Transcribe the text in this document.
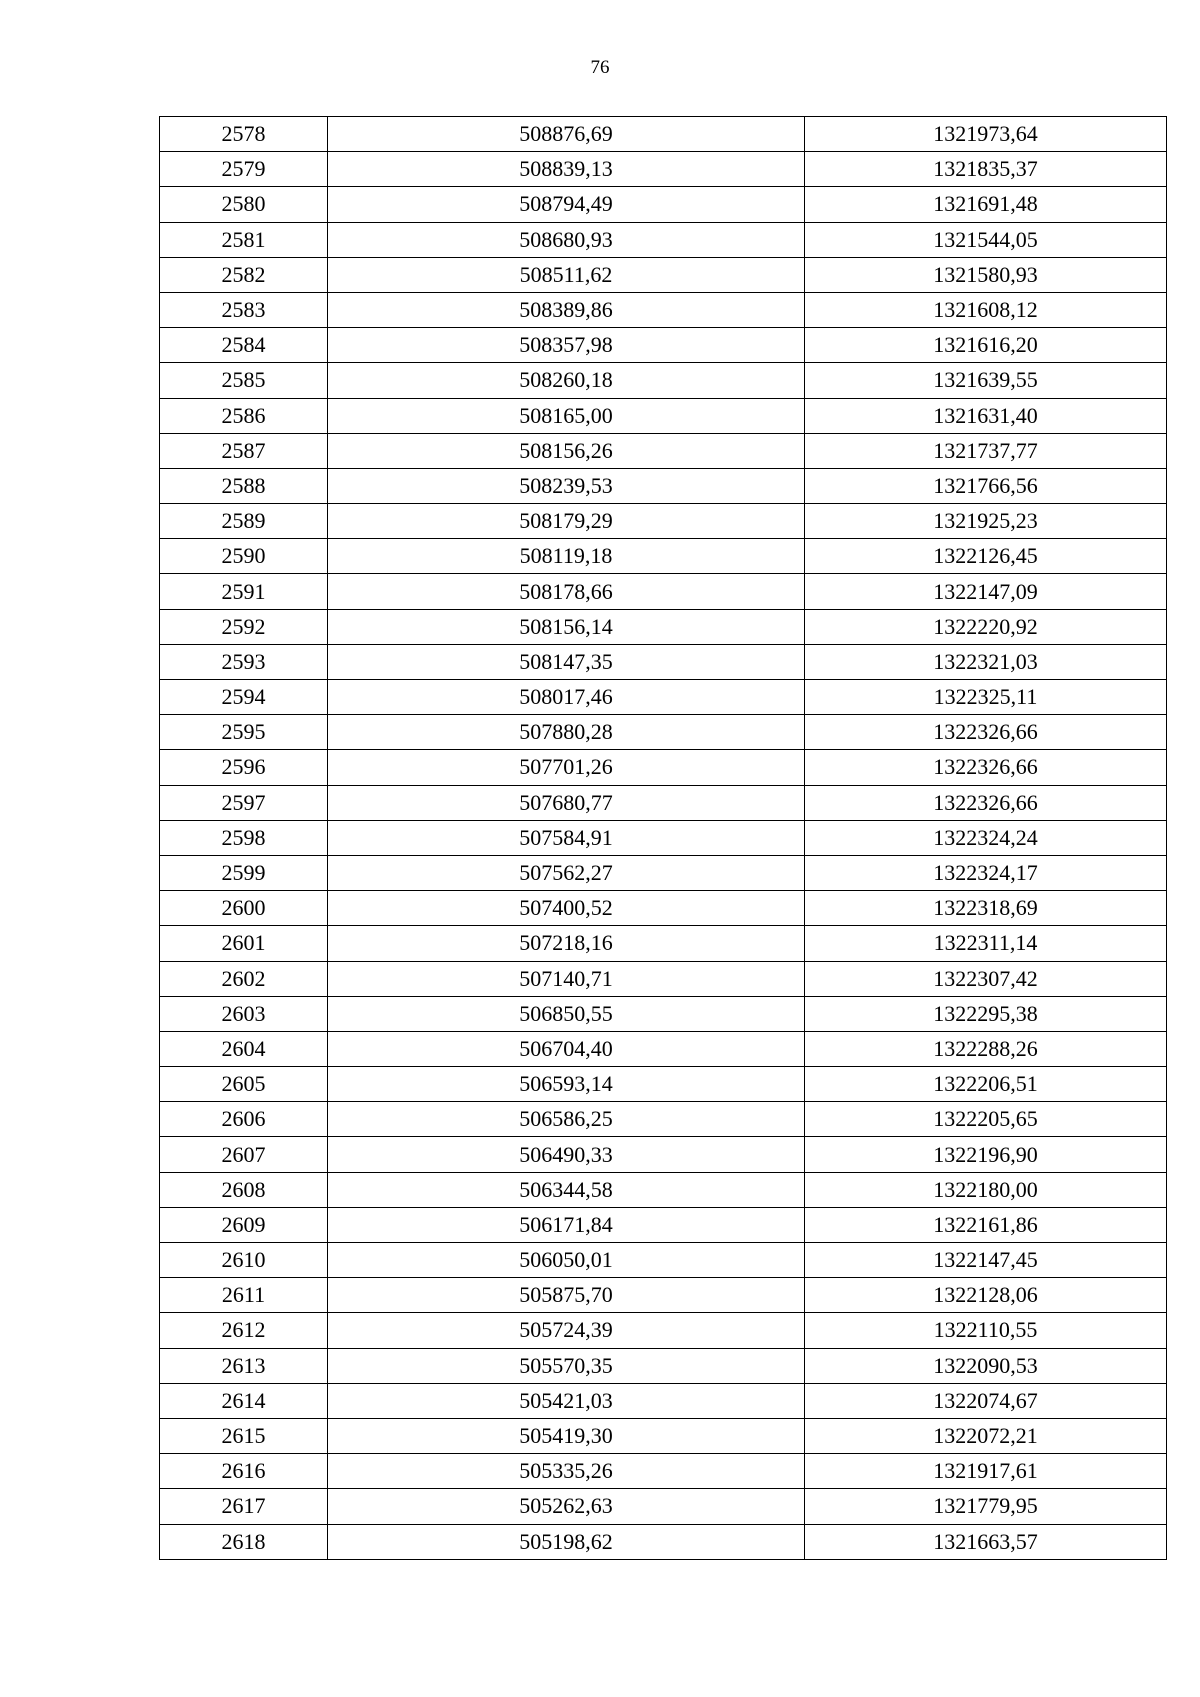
76
2578	508876,69	1321973,64
2579	508839,13	1321835,37
2580	508794,49	1321691,48
2581	508680,93	1321544,05
2582	508511,62	1321580,93
2583	508389,86	1321608,12
2584	508357,98	1321616,20
2585	508260,18	1321639,55
2586	508165,00	1321631,40
2587	508156,26	1321737,77
2588	508239,53	1321766,56
2589	508179,29	1321925,23
2590	508119,18	1322126,45
2591	508178,66	1322147,09
2592	508156,14	1322220,92
2593	508147,35	1322321,03
2594	508017,46	1322325,11
2595	507880,28	1322326,66
2596	507701,26	1322326,66
2597	507680,77	1322326,66
2598	507584,91	1322324,24
2599	507562,27	1322324,17
2600	507400,52	1322318,69
2601	507218,16	1322311,14
2602	507140,71	1322307,42
2603	506850,55	1322295,38
2604	506704,40	1322288,26
2605	506593,14	1322206,51
2606	506586,25	1322205,65
2607	506490,33	1322196,90
2608	506344,58	1322180,00
2609	506171,84	1322161,86
2610	506050,01	1322147,45
2611	505875,70	1322128,06
2612	505724,39	1322110,55
2613	505570,35	1322090,53
2614	505421,03	1322074,67
2615	505419,30	1322072,21
2616	505335,26	1321917,61
2617	505262,63	1321779,95
2618	505198,62	1321663,57
